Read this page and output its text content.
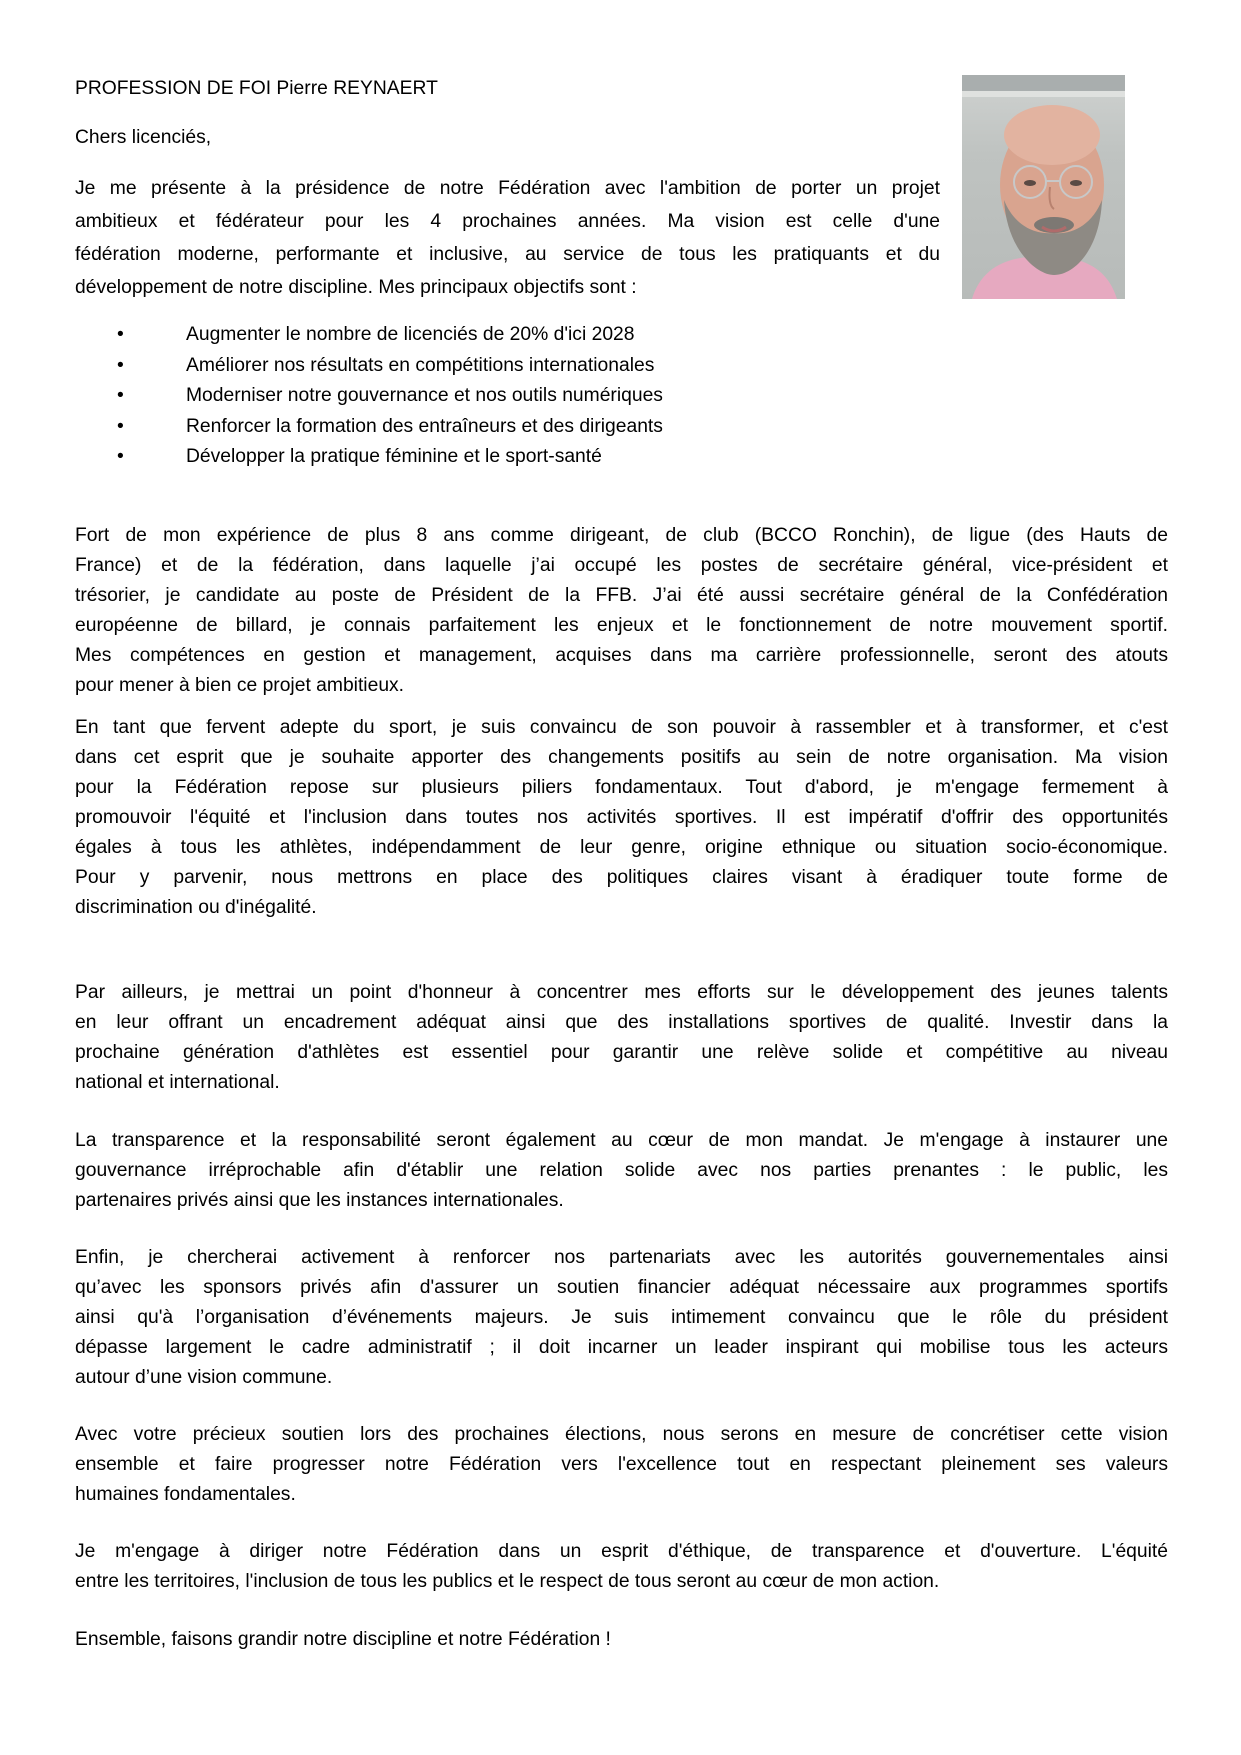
PROFESSION DE FOI Pierre REYNAERT
Chers licenciés,
Je me présente à la présidence de notre Fédération avec l'ambition de porter un projet
ambitieux et fédérateur pour les 4 prochaines années. Ma vision est celle d'une
fédération moderne, performante et inclusive, au service de tous les pratiquants et du
développement de notre discipline. Mes principaux objectifs sont :
•	Augmenter le nombre de licenciés de 20% d'ici 2028
•	Améliorer nos résultats en compétitions internationales
•	Moderniser notre gouvernance et nos outils numériques
•	Renforcer la formation des entraîneurs et des dirigeants
•	Développer la pratique féminine et le sport-santé
Fort de mon expérience de plus 8 ans comme dirigeant, de club (BCCO Ronchin), de ligue (des Hauts de
France) et de la fédération, dans laquelle j’ai occupé les postes de secrétaire général, vice-président et
trésorier, je candidate au poste de Président de la FFB. J’ai été aussi secrétaire général de la Confédération
européenne de billard, je connais parfaitement les enjeux et le fonctionnement de notre mouvement sportif.
Mes compétences en gestion et management, acquises dans ma carrière professionnelle, seront des atouts
pour mener à bien ce projet ambitieux.
En tant que fervent adepte du sport, je suis convaincu de son pouvoir à rassembler et à transformer, et c'est
dans cet esprit que je souhaite apporter des changements positifs au sein de notre organisation. Ma vision
pour la Fédération repose sur plusieurs piliers fondamentaux. Tout d'abord, je m'engage fermement à
promouvoir l'équité et l'inclusion dans toutes nos activités sportives. Il est impératif d'offrir des opportunités
égales à tous les athlètes, indépendamment de leur genre, origine ethnique ou situation socio-économique.
Pour y parvenir, nous mettrons en place des politiques claires visant à éradiquer toute forme de
discrimination ou d'inégalité.
Par ailleurs, je mettrai un point d'honneur à concentrer mes efforts sur le développement des jeunes talents
en leur offrant un encadrement adéquat ainsi que des installations sportives de qualité. Investir dans la
prochaine génération d'athlètes est essentiel pour garantir une relève solide et compétitive au niveau
national et international.
La transparence et la responsabilité seront également au cœur de mon mandat. Je m'engage à instaurer une
gouvernance irréprochable afin d'établir une relation solide avec nos parties prenantes : le public, les
partenaires privés ainsi que les instances internationales.
Enfin, je chercherai activement à renforcer nos partenariats avec les autorités gouvernementales ainsi
qu’avec les sponsors privés afin d'assurer un soutien financier adéquat nécessaire aux programmes sportifs
ainsi qu'à l’organisation d’événements majeurs. Je suis intimement convaincu que le rôle du président
dépasse largement le cadre administratif ; il doit incarner un leader inspirant qui mobilise tous les acteurs
autour d’une vision commune.
Avec votre précieux soutien lors des prochaines élections, nous serons en mesure de concrétiser cette vision
ensemble et faire progresser notre Fédération vers l'excellence tout en respectant pleinement ses valeurs
humaines fondamentales.
Je m'engage à diriger notre Fédération dans un esprit d'éthique, de transparence et d'ouverture. L'équité
entre les territoires, l'inclusion de tous les publics et le respect de tous seront au cœur de mon action.
Ensemble, faisons grandir notre discipline et notre Fédération !
